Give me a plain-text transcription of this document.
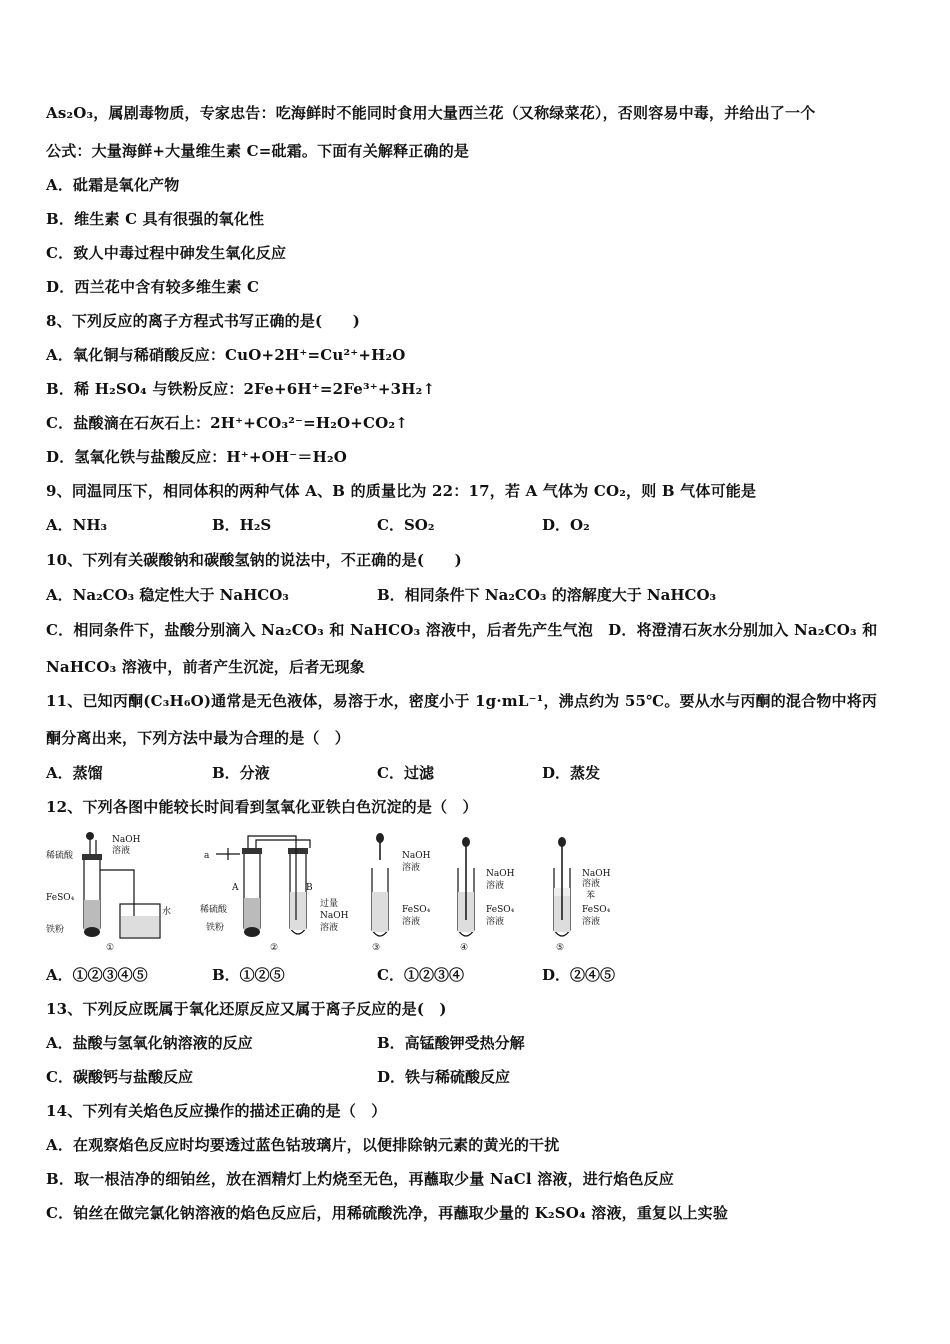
As₂O₃，属剧毒物质，专家忠告：吃海鲜时不能同时食用大量西兰花（又称绿菜花），否则容易中毒，并给出了一个
公式：大量海鲜+大量维生素 C=砒霜。下面有关解释正确的是
A．砒霜是氧化产物
B．维生素 C 具有很强的氧化性
C．致人中毒过程中砷发生氧化反应
D．西兰花中含有较多维生素 C
8、下列反应的离子方程式书写正确的是(　　)
A．氧化铜与稀硝酸反应：CuO+2H⁺=Cu²⁺+H₂O
B．稀 H₂SO₄ 与铁粉反应：2Fe+6H⁺=2Fe³⁺+3H₂↑
C．盐酸滴在石灰石上：2H⁺+CO₃²⁻=H₂O+CO₂↑
D．氢氧化铁与盐酸反应：H⁺+OH⁻＝H₂O
9、同温同压下，相同体积的两种气体 A、B 的质量比为 22：17，若 A 气体为 CO₂，则 B 气体可能是
A．NH₃	B．H₂S	C．SO₂	D．O₂
10、下列有关碳酸钠和碳酸氢钠的说法中，不正确的是(　　)
A．Na₂CO₃ 稳定性大于 NaHCO₃	B．相同条件下 Na₂CO₃ 的溶解度大于 NaHCO₃
C．相同条件下，盐酸分别滴入 Na₂CO₃ 和 NaHCO₃ 溶液中，后者先产生气泡　D．将澄清石灰水分别加入 Na₂CO₃ 和
NaHCO₃ 溶液中，前者产生沉淀，后者无现象
11、已知丙酮(C₃H₆O)通常是无色液体，易溶于水，密度小于 1g·mL⁻¹，沸点约为 55℃。要从水与丙酮的混合物中将丙
酮分离出来，下列方法中最为合理的是（　）
A．蒸馏	B．分液	C．过滤	D．蒸发
12、下列各图中能较长时间看到氢氧化亚铁白色沉淀的是（　）
稀硫酸
NaOH
溶液
FeSO₄
铁粉
水
①
a
A	B
稀硫酸
铁粉
过量
NaOH
溶液
②
NaOH
溶液
FeSO₄
溶液
③
NaOH
溶液
FeSO₄
溶液
④
NaOH
溶液
苯
FeSO₄
溶液
⑤
A．①②③④⑤	B．①②⑤	C．①②③④	D．②④⑤
13、下列反应既属于氧化还原反应又属于离子反应的是(　)
A．盐酸与氢氧化钠溶液的反应	B．高锰酸钾受热分解
C．碳酸钙与盐酸反应	D．铁与稀硫酸反应
14、下列有关焰色反应操作的描述正确的是（　）
A．在观察焰色反应时均要透过蓝色钴玻璃片，以便排除钠元素的黄光的干扰
B．取一根洁净的细铂丝，放在酒精灯上灼烧至无色，再蘸取少量 NaCl 溶液，进行焰色反应
C．铂丝在做完氯化钠溶液的焰色反应后，用稀硫酸洗净，再蘸取少量的 K₂SO₄ 溶液，重复以上实验
